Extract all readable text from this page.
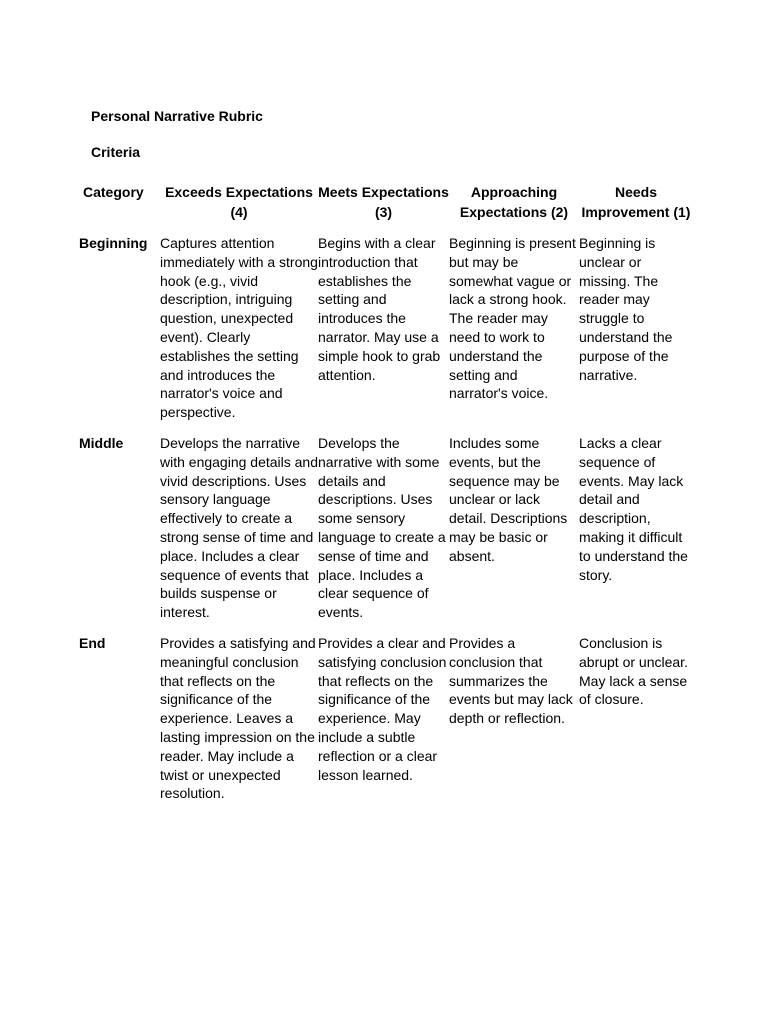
Personal Narrative Rubric

Criteria

Category	Exceeds Expectations (4)	Meets Expectations (3)	Approaching Expectations (2)	Needs Improvement (1)
Beginning	Captures attention immediately with a strong hook (e.g., vivid description, intriguing question, unexpected event). Clearly establishes the setting and introduces the narrator's voice and perspective.	Begins with a clear introduction that establishes the setting and introduces the narrator. May use a simple hook to grab attention.	Beginning is present but may be somewhat vague or lack a strong hook. The reader may need to work to understand the setting and narrator's voice.	Beginning is unclear or missing. The reader may struggle to understand the purpose of the narrative.
Middle	Develops the narrative with engaging details and vivid descriptions. Uses sensory language effectively to create a strong sense of time and place. Includes a clear sequence of events that builds suspense or interest.	Develops the narrative with some details and descriptions. Uses some sensory language to create a sense of time and place. Includes a clear sequence of events.	Includes some events, but the sequence may be unclear or lack detail. Descriptions may be basic or absent.	Lacks a clear sequence of events. May lack detail and description, making it difficult to understand the story.
End	Provides a satisfying and meaningful conclusion that reflects on the significance of the experience. Leaves a lasting impression on the reader. May include a twist or unexpected resolution.	Provides a clear and satisfying conclusion that reflects on the significance of the experience. May include a subtle reflection or a clear lesson learned.	Provides a conclusion that summarizes the events but may lack depth or reflection.	Conclusion is abrupt or unclear. May lack a sense of closure.
